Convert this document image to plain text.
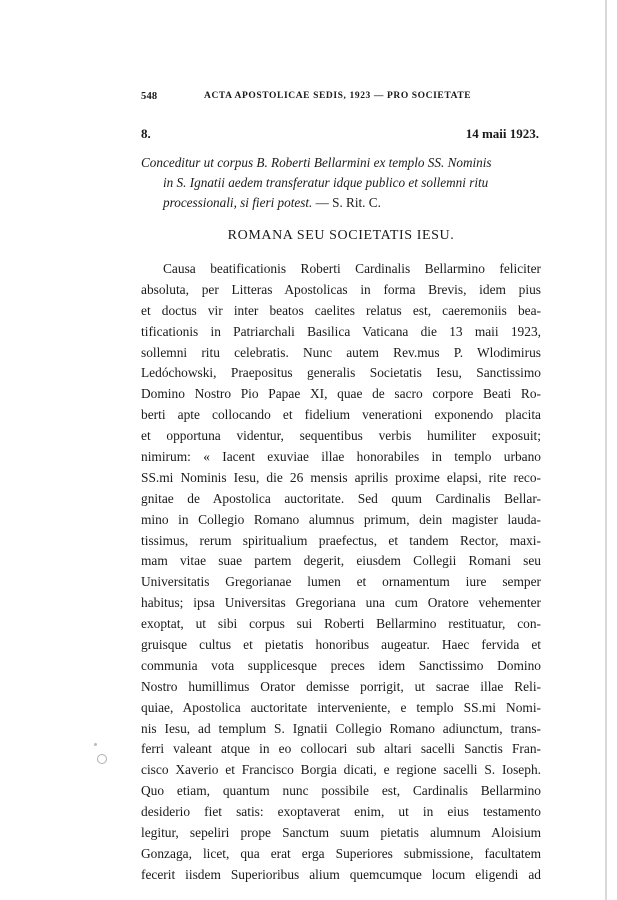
548	ACTA APOSTOLICAE SEDIS, 1923 — PRO SOCIETATE
8.	14 maii 1923.

Conceditur ut corpus B. Roberti Bellarmini ex templo SS. Nominis

in S. Ignatii aedem transferatur idque publico et sollemni ritu

processionali, si fieri potest. — S. Rit. C.

ROMANA SEU SOCIETATIS IESU.
Causa beatificationis Roberti Cardinalis Bellarmino feliciter
absoluta, per Litteras Apostolicas in forma Brevis, idem pius
et doctus vir inter beatos caelites relatus est, caeremoniis bea-
tificationis in Patriarchali Basilica Vaticana die 13 maii 1923,
sollemni ritu celebratis. Nunc autem Rev.mus P. Wlodimirus
Ledóchowski, Praepositus generalis Societatis Iesu, Sanctissimo
Domino Nostro Pio Papae XI, quae de sacro corpore Beati Ro-
berti apte collocando et fidelium venerationi exponendo placita
et opportuna videntur, sequentibus verbis humiliter exposuit;
nimirum: « Iacent exuviae illae honorabiles in templo urbano
SS.mi Nominis Iesu, die 26 mensis aprilis proxime elapsi, rite reco-
gnitae de Apostolica auctoritate. Sed quum Cardinalis Bellar-
mino in Collegio Romano alumnus primum, dein magister lauda-
tissimus, rerum spiritualium praefectus, et tandem Rector, maxi-
mam vitae suae partem degerit, eiusdem Collegii Romani seu
Universitatis Gregorianae lumen et ornamentum iure semper
habitus; ipsa Universitas Gregoriana una cum Oratore vehementer
exoptat, ut sibi corpus sui Roberti Bellarmino restituatur, con-
gruisque cultus et pietatis honoribus augeatur. Haec fervida et
communia vota supplicesque preces idem Sanctissimo Domino
Nostro humillimus Orator demisse porrigit, ut sacrae illae Reli-
quiae, Apostolica auctoritate interveniente, e templo SS.mi Nomi-
nis Iesu, ad templum S. Ignatii Collegio Romano adiunctum, trans-
ferri valeant atque in eo collocari sub altari sacelli Sanctis Fran-
cisco Xaverio et Francisco Borgia dicati, e regione sacelli S. Ioseph.
Quo etiam, quantum nunc possibile est, Cardinalis Bellarmino
desiderio fiet satis: exoptaverat enim, ut in eius testamento
legitur, sepeliri prope Sanctum suum pietatis alumnum Aloisium
Gonzaga, licet, qua erat erga Superiores submissione, facultatem
fecerit iisdem Superioribus alium quemcumque locum eligendi ad
